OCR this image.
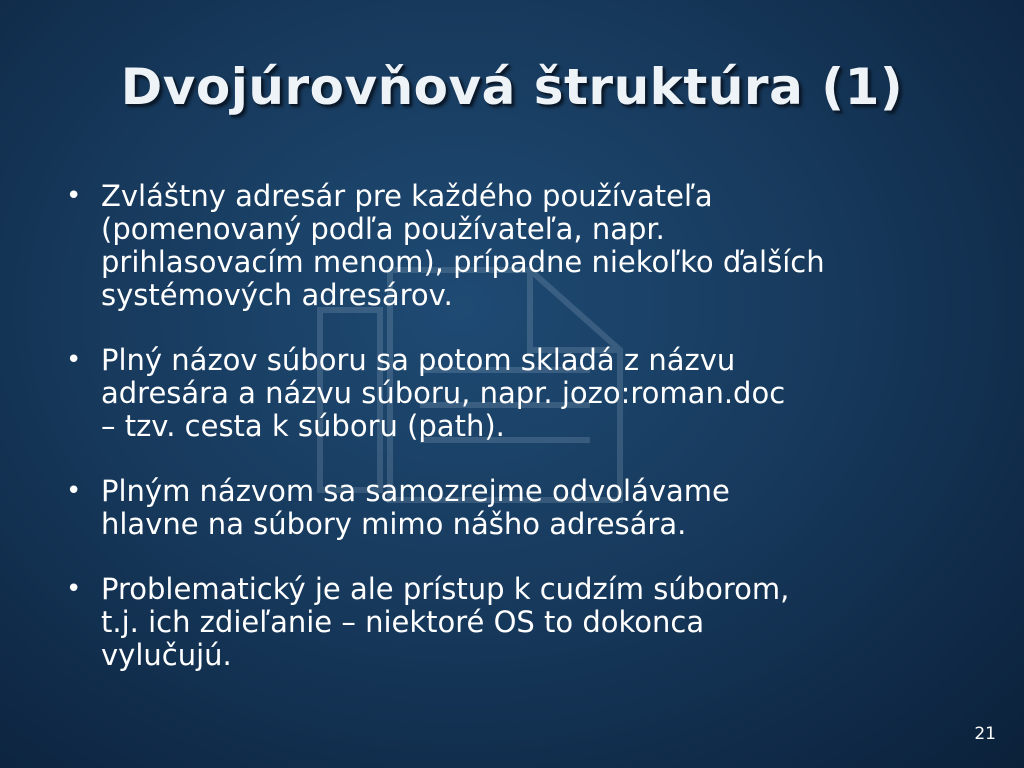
Dvojúrovňová štruktúra (1)
• Zvláštny adresár pre každého používateľa
(pomenovaný podľa používateľa, napr.
prihlasovacím menom), prípadne niekoľko ďalších
systémových adresárov.
• Plný názov súboru sa potom skladá z názvu
adresára a názvu súboru, napr. jozo:roman.doc
– tzv. cesta k súboru (path).
• Plným názvom sa samozrejme odvolávame
hlavne na súbory mimo nášho adresára.
• Problematický je ale prístup k cudzím súborom,
t.j. ich zdieľanie – niektoré OS to dokonca
vylučujú.
21
